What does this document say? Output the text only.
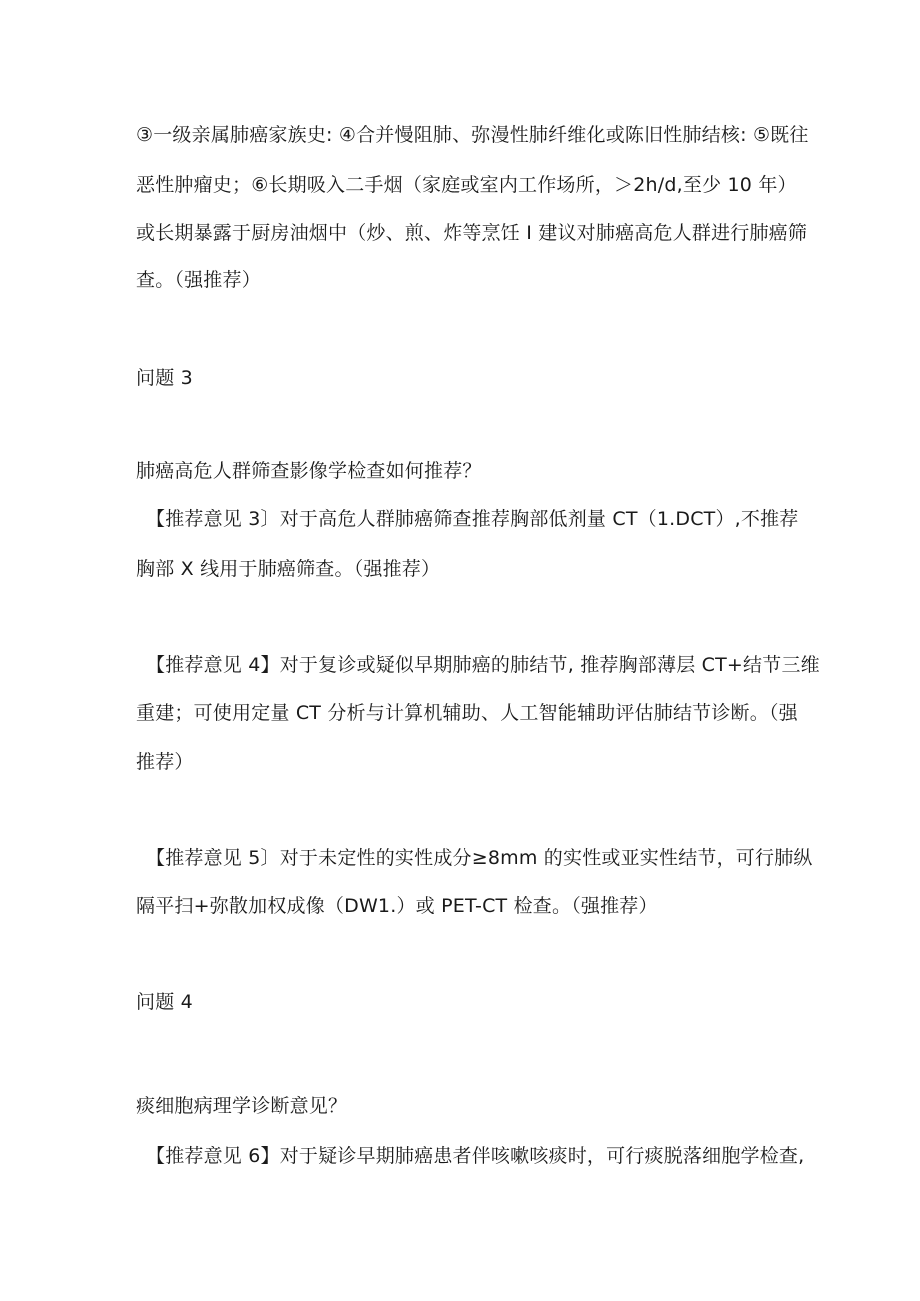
③一级亲属肺癌家族史: ④合并慢阻肺、弥漫性肺纤维化或陈旧性肺结核: ⑤既往
恶性肿瘤史；⑥长期吸入二手烟（家庭或室内工作场所，＞2h/d,至少 10 年）
或长期暴露于厨房油烟中（炒、煎、炸等烹饪 I 建议对肺癌高危人群进行肺癌筛
查。（强推荐）
问题 3
肺癌高危人群筛查影像学检查如何推荐？
【推荐意见 3〕对于高危人群肺癌筛查推荐胸部低剂量 CT（1.DCT）,不推荐
胸部 X 线用于肺癌筛查。（强推荐）
【推荐意见 4】对于复诊或疑似早期肺癌的肺结节, 推荐胸部薄层 CT+结节三维
重建；可使用定量 CT 分析与计算机辅助、人工智能辅助评估肺结节诊断。（强
推荐）
【推荐意见 5〕对于未定性的实性成分≥8mm 的实性或亚实性结节，可行肺纵
隔平扫+弥散加权成像（DW1.）或 PET-CT 检查。（强推荐）
问题 4
痰细胞病理学诊断意见？
【推荐意见 6】对于疑诊早期肺癌患者伴咳嗽咳痰时，可行痰脱落细胞学检查,
